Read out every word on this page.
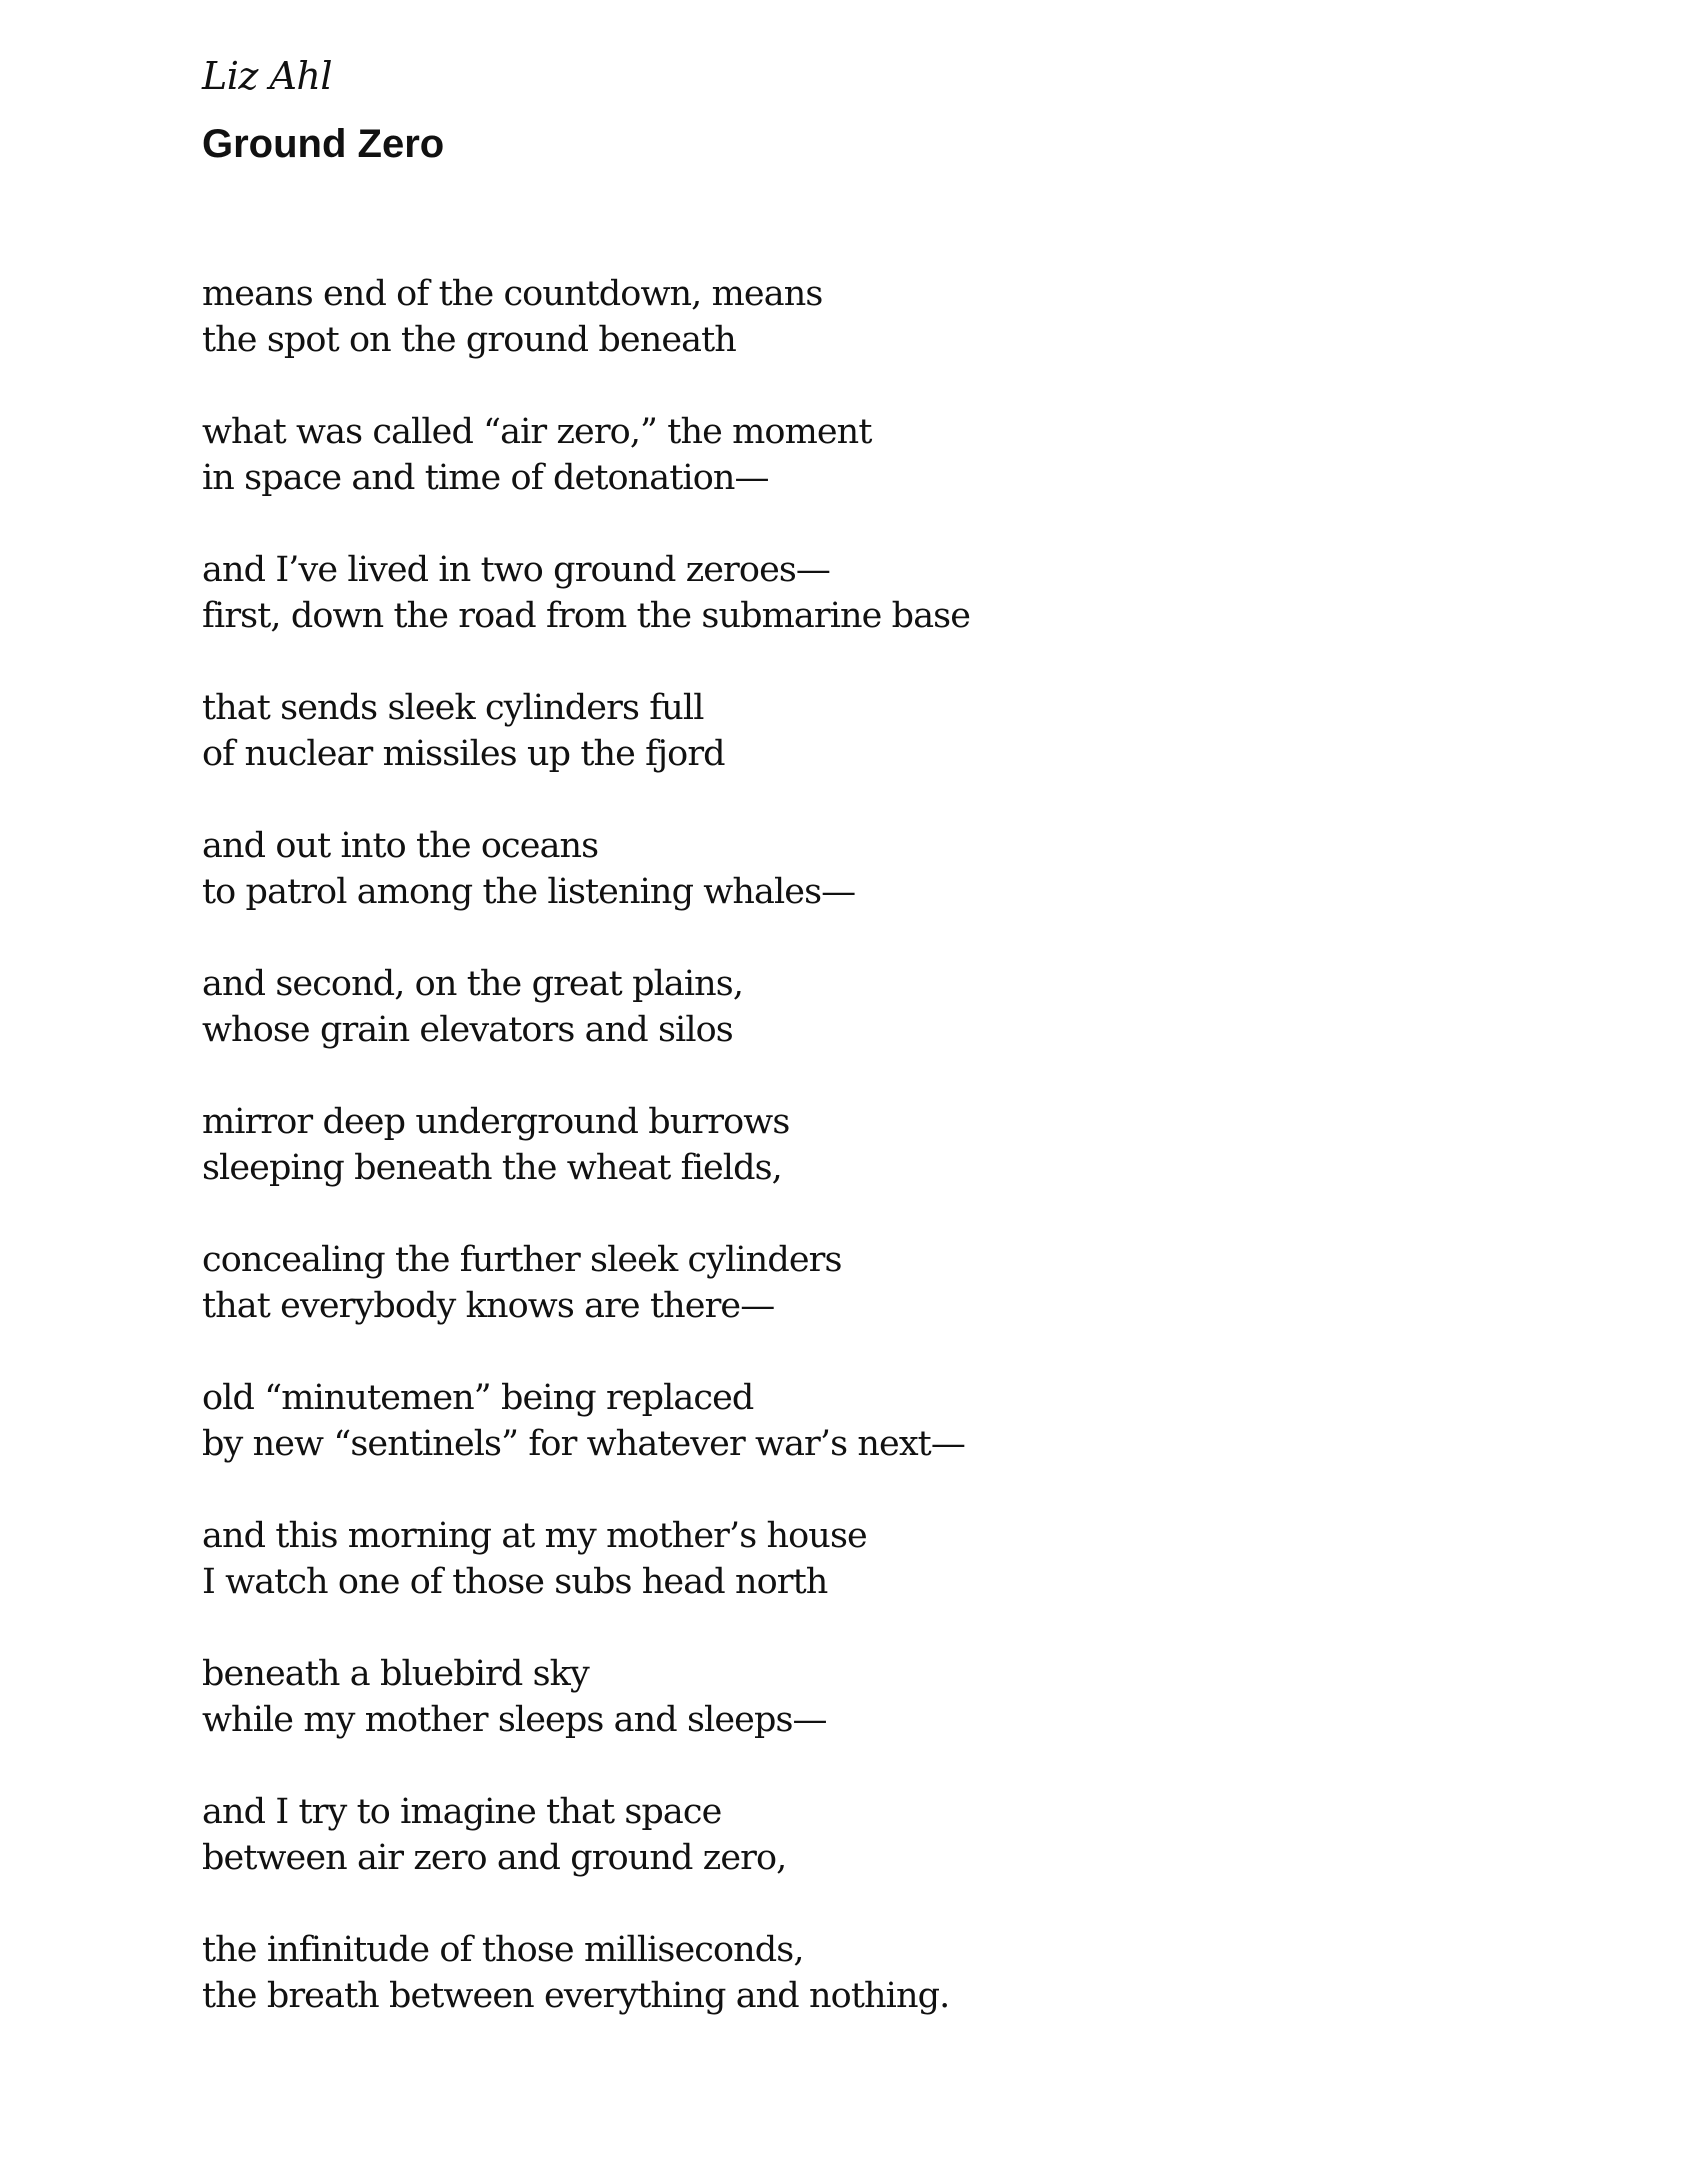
Liz Ahl

Ground Zero
means end of the countdown, means
the spot on the ground beneath
what was called “air zero,” the moment
in space and time of detonation—
and I’ve lived in two ground zeroes—
first, down the road from the submarine base
that sends sleek cylinders full
of nuclear missiles up the fjord
and out into the oceans
to patrol among the listening whales—
and second, on the great plains,
whose grain elevators and silos
mirror deep underground burrows
sleeping beneath the wheat fields,
concealing the further sleek cylinders
that everybody knows are there—
old “minutemen” being replaced
by new “sentinels” for whatever war’s next—
and this morning at my mother’s house
I watch one of those subs head north
beneath a bluebird sky
while my mother sleeps and sleeps—
and I try to imagine that space
between air zero and ground zero,
the infinitude of those milliseconds,
the breath between everything and nothing.
